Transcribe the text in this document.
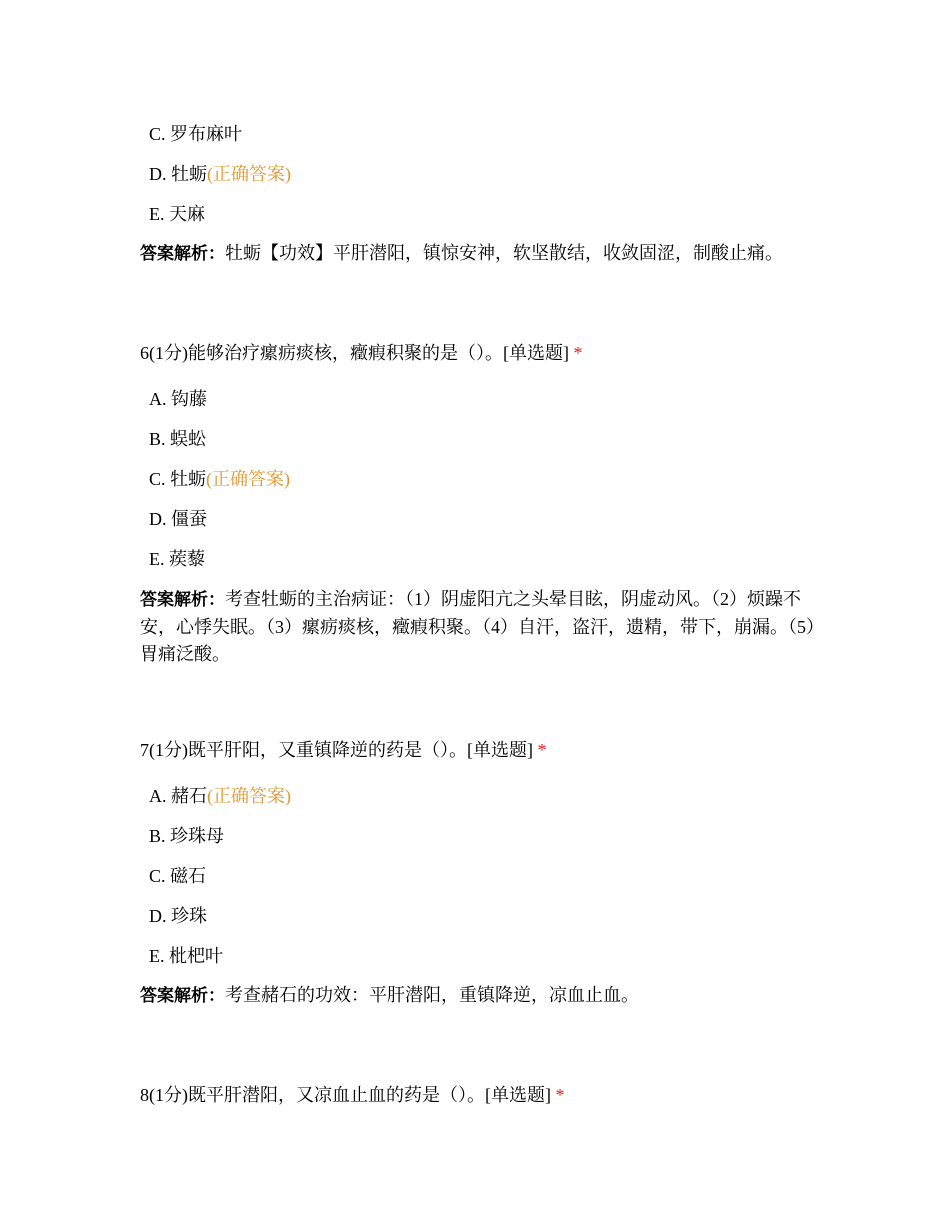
C. 罗布麻叶
D. 牡蛎(正确答案)
E. 天麻
答案解析：牡蛎【功效】平肝潜阳，镇惊安神，软坚散结，收敛固涩，制酸止痛。
6(1分)能够治疗瘰疬痰核，癥瘕积聚的是（）。[单选题] *
A. 钩藤
B. 蜈蚣
C. 牡蛎(正确答案)
D. 僵蚕
E. 蒺藜
答案解析：考查牡蛎的主治病证：（1）阴虚阳亢之头晕目眩，阴虚动风。（2）烦躁不安，心悸失眠。（3）瘰疬痰核，癥瘕积聚。（4）自汗，盗汗，遗精，带下，崩漏。（5）胃痛泛酸。
7(1分)既平肝阳，又重镇降逆的药是（）。[单选题] *
A. 赭石(正确答案)
B. 珍珠母
C. 磁石
D. 珍珠
E. 枇杷叶
答案解析：考查赭石的功效：平肝潜阳，重镇降逆，凉血止血。
8(1分)既平肝潜阳，又凉血止血的药是（）。[单选题] *
